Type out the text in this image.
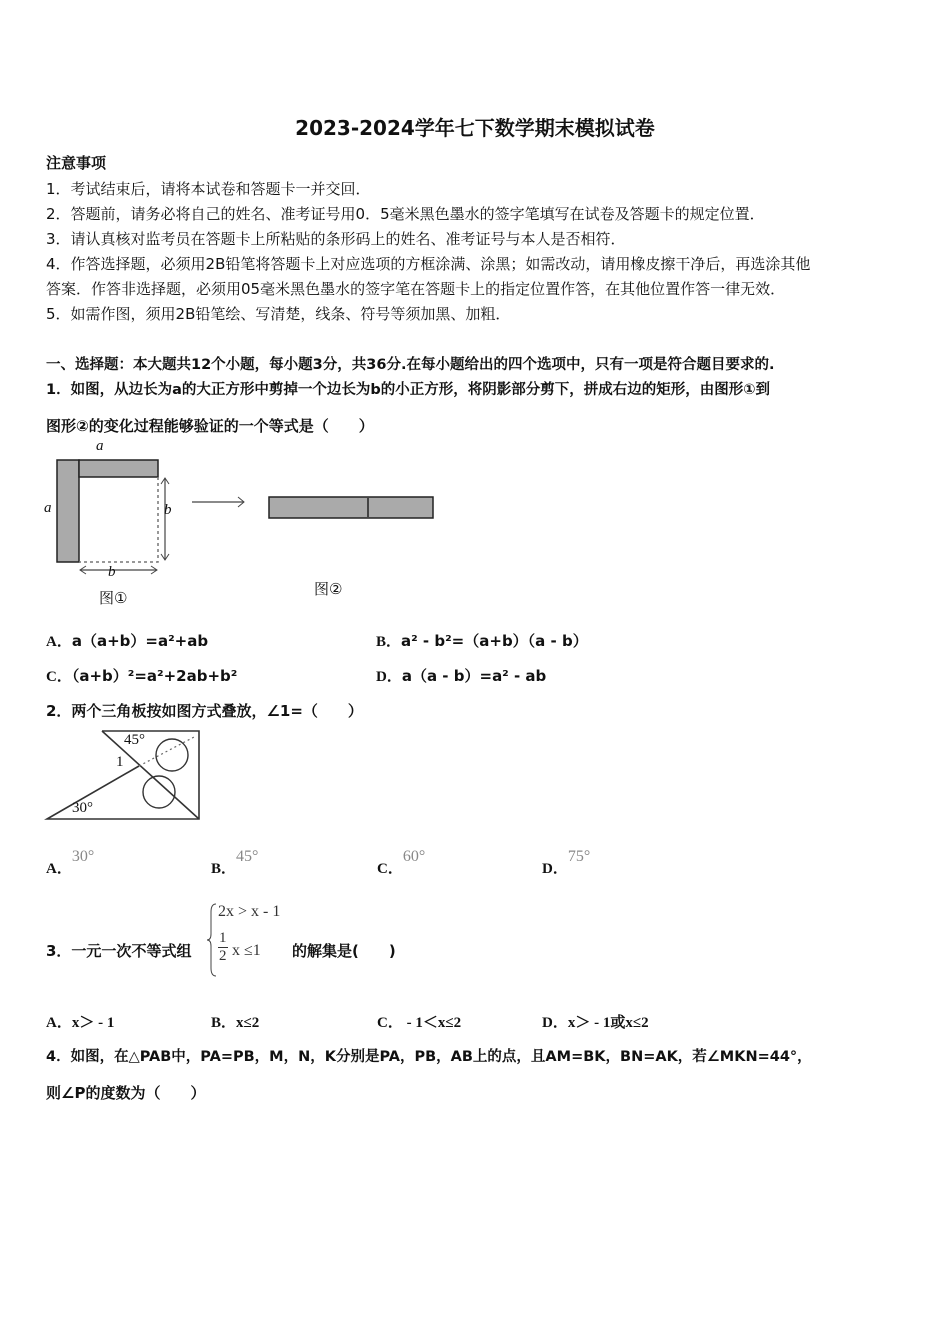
2023-2024学年七下数学期末模拟试卷
注意事项
1．考试结束后，请将本试卷和答题卡一并交回．
2．答题前，请务必将自己的姓名、准考证号用0．5毫米黑色墨水的签字笔填写在试卷及答题卡的规定位置．
3．请认真核对监考员在答题卡上所粘贴的条形码上的姓名、准考证号与本人是否相符．
4．作答选择题，必须用2B铅笔将答题卡上对应选项的方框涂满、涂黑；如需改动，请用橡皮擦干净后，再选涂其他
答案．作答非选择题，必须用05毫米黑色墨水的签字笔在答题卡上的指定位置作答，在其他位置作答一律无效．
5．如需作图，须用2B铅笔绘、写清楚，线条、符号等须加黑、加粗．
一、选择题：本大题共12个小题，每小题3分，共36分.在每小题给出的四个选项中，只有一项是符合题目要求的.
1．如图，从边长为a的大正方形中剪掉一个边长为b的小正方形，将阴影部分剪下，拼成右边的矩形，由图形①到
图形②的变化过程能够验证的一个等式是（　　）
a
a	b
b
图①	图②
A．a（a+b）=a²+ab	B．a² - b²=（a+b）（a - b）
C．（a+b）²=a²+2ab+b²	D．a（a - b）=a² - ab
2．两个三角板按如图方式叠放，∠1=（　　）
45°
1
30°
A．30°
B．45°
C．60°
D．75°
3．一元一次不等式组
2x > x - 1
1
2 x ≤1 的解集是(　　)
A．x＞ - 1	B．x≤2	C． - 1＜x≤2	D．x＞ - 1或x≤2
4．如图，在△PAB中，PA=PB，M，N，K分别是PA，PB，AB上的点，且AM=BK，BN=AK，若∠MKN=44°，
则∠P的度数为（　　）
